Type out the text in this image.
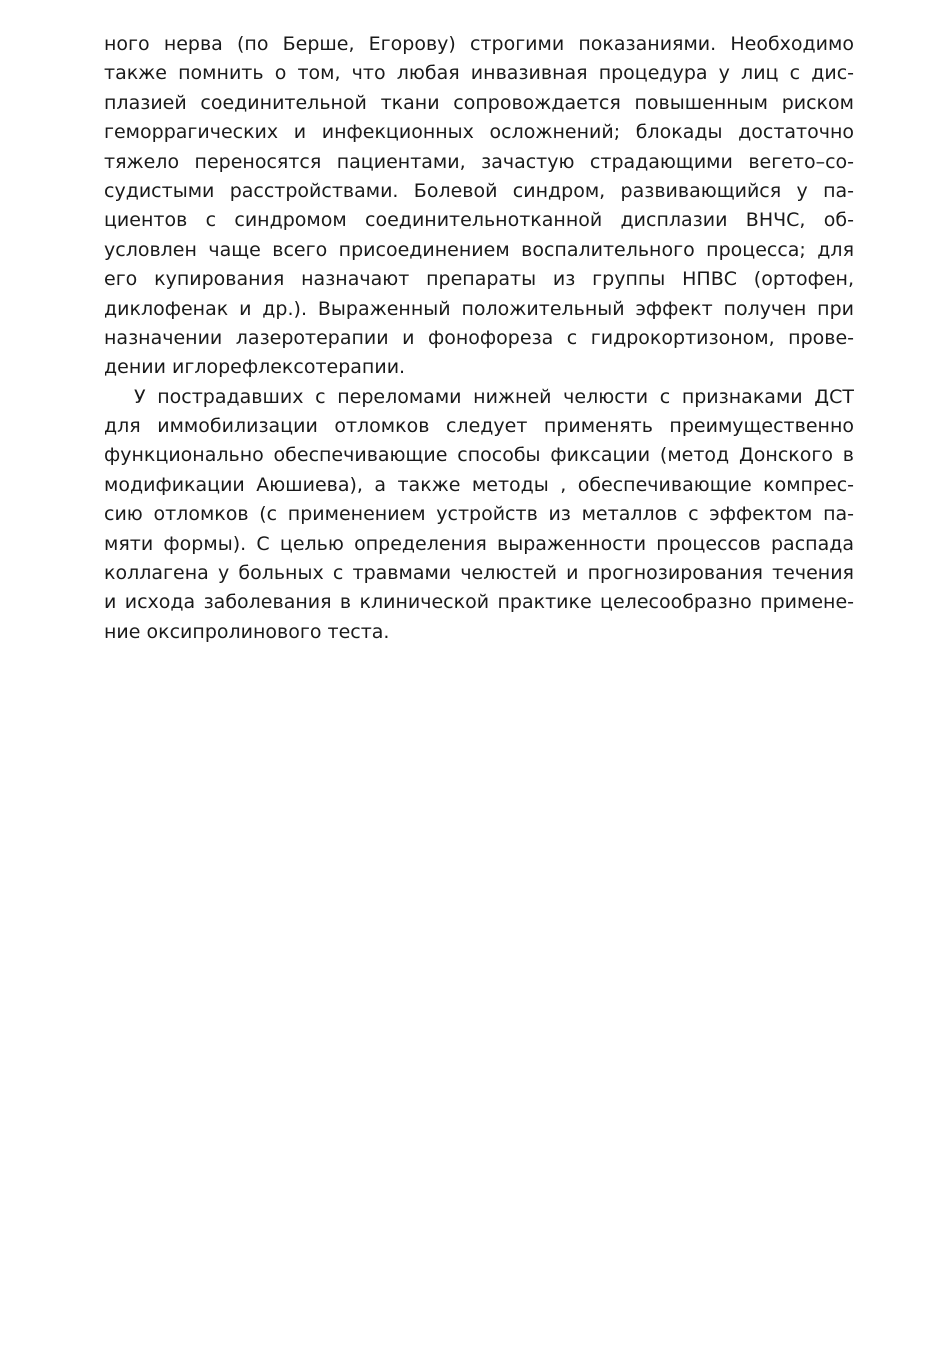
ного нерва (по Берше, Егорову) строгими показаниями. Необходимо
также помнить о том, что любая инвазивная процедура у лиц с дис-
плазией соединительной ткани сопровождается повышенным риском
геморрагических и инфекционных осложнений; блокады достаточно
тяжело переносятся пациентами, зачастую страдающими вегето–со-
судистыми расстройствами. Болевой синдром, развивающийся у па-
циентов с синдромом соединительнотканной дисплазии ВНЧС, об-
условлен чаще всего присоединением воспалительного процесса; для
его купирования назначают препараты из группы НПВС (ортофен,
диклофенак и др.). Выраженный положительный эффект получен при
назначении лазеротерапии и фонофореза с гидрокортизоном, прове-
дении иглорефлексотерапии.
У пострадавших с переломами нижней челюсти с признаками ДСТ
для иммобилизации отломков следует применять преимущественно
функционально обеспечивающие способы фиксации (метод Донского в
модификации Аюшиева), а также методы , обеспечивающие компрес-
сию отломков (с применением устройств из металлов с эффектом па-
мяти формы). С целью определения выраженности процессов распада
коллагена у больных с травмами челюстей и прогнозирования течения
и исхода заболевания в клинической практике целесообразно примене-
ние оксипролинового теста.
